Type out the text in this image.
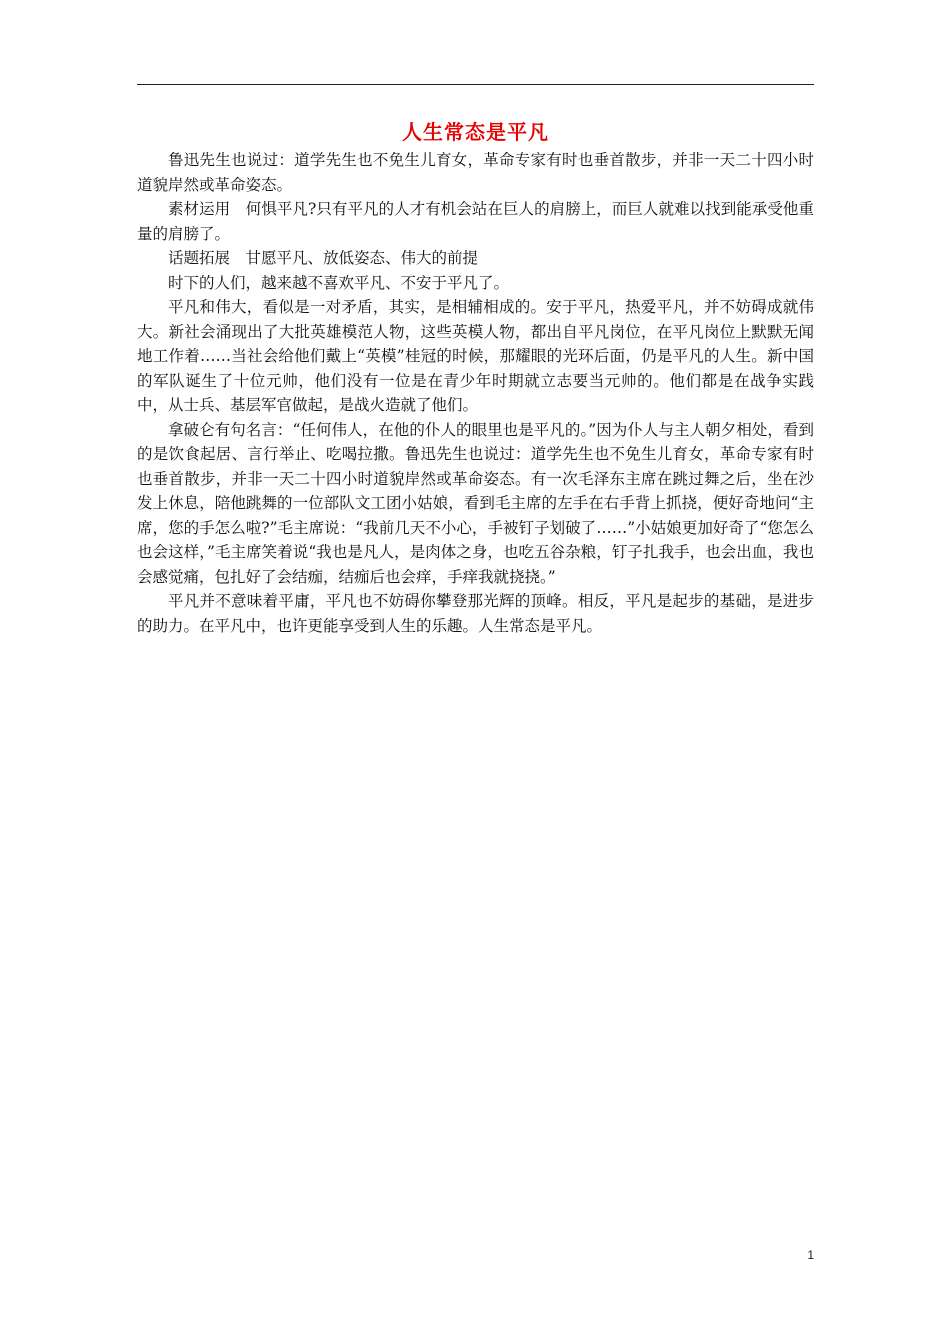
人生常态是平凡

鲁迅先生也说过：道学先生也不免生儿育女，革命专家有时也垂首散步，并非一天二十四小时道貌岸然或革命姿态。

素材运用　何惧平凡?只有平凡的人才有机会站在巨人的肩膀上，而巨人就难以找到能承受他重量的肩膀了。

话题拓展　甘愿平凡、放低姿态、伟大的前提

时下的人们，越来越不喜欢平凡、不安于平凡了。

平凡和伟大，看似是一对矛盾，其实，是相辅相成的。安于平凡，热爱平凡，并不妨碍成就伟大。新社会涌现出了大批英雄模范人物，这些英模人物，都出自平凡岗位，在平凡岗位上默默无闻地工作着……当社会给他们戴上“英模”桂冠的时候，那耀眼的光环后面，仍是平凡的人生。新中国的军队诞生了十位元帅，他们没有一位是在青少年时期就立志要当元帅的。他们都是在战争实践中，从士兵、基层军官做起，是战火造就了他们。

拿破仑有句名言：“任何伟人，在他的仆人的眼里也是平凡的。”因为仆人与主人朝夕相处，看到的是饮食起居、言行举止、吃喝拉撒。鲁迅先生也说过：道学先生也不免生儿育女，革命专家有时也垂首散步，并非一天二十四小时道貌岸然或革命姿态。有一次毛泽东主席在跳过舞之后，坐在沙发上休息，陪他跳舞的一位部队文工团小姑娘，看到毛主席的左手在右手背上抓挠，便好奇地问“主席，您的手怎么啦?”毛主席说：“我前几天不小心，手被钉子划破了……”小姑娘更加好奇了“您怎么也会这样，”毛主席笑着说“我也是凡人，是肉体之身，也吃五谷杂粮，钉子扎我手，也会出血，我也会感觉痛，包扎好了会结痂，结痂后也会痒，手痒我就挠挠。”

平凡并不意味着平庸，平凡也不妨碍你攀登那光辉的顶峰。相反，平凡是起步的基础，是进步的助力。在平凡中，也许更能享受到人生的乐趣。人生常态是平凡。

1
